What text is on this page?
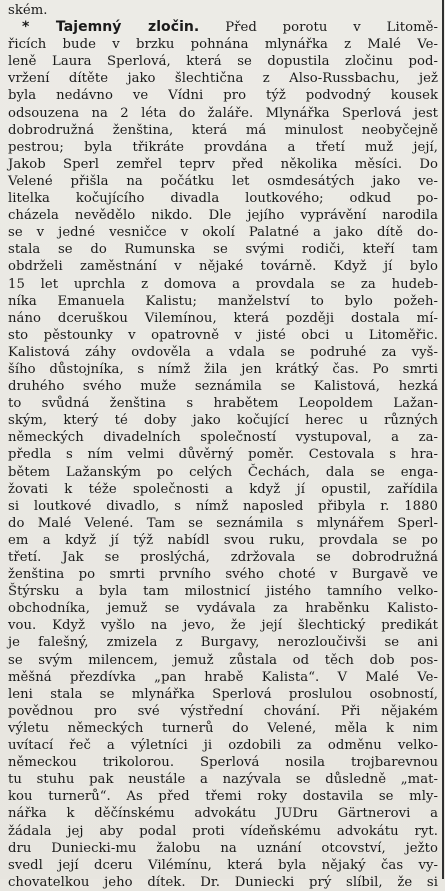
ském.
* Tajemný zločin. Před porotu v Litomě-
řicích bude v brzku pohnána mlynářka z Malé Ve-
leně Laura Sperlová, která se dopustila zločinu pod-
vržení dítěte jako šlechtična z Also-Russbachu, jež
byla nedávno ve Vídni pro týž podvodný kousek
odsouzena na 2 léta do žaláře. Mlynářka Sperlová jest
dobrodružná ženština, která má minulost neobyčejně
pestrou; byla třikráte provdána a třetí muž její,
Jakob Sperl zemřel teprv před několika měsíci. Do
Velené přišla na počátku let osmdesátých jako ve-
litelka kočujícího divadla loutkového; odkud po-
cházela nevědělo nikdo. Dle jejího vyprávění narodila
se v jedné vesničce v okolí Palatné a jako dítě do-
stala se do Rumunska se svými rodiči, kteří tam
obdrželi zaměstnání v nějaké továrně. Když jí bylo
15 let uprchla z domova a provdala se za hudeb-
níka Emanuela Kalistu; manželství to bylo požeh-
náno dceruškou Vilemínou, která později dostala mí-
sto pěstounky v opatrovně v jisté obci u Litoměřic.
Kalistová záhy ovdověla a vdala se podruhé za vyš-
šího důstojníka, s nímž žila jen krátký čas. Po smrti
druhého svého muže seznámila se Kalistová, hezká
to svůdná ženština s hrabětem Leopoldem Lažan-
ským, který té doby jako kočující herec u různých
německých divadelních společností vystupoval, a za-
předla s ním velmi důvěrný poměr. Cestovala s hra-
bětem Lažanským po celých Čechách, dala se enga-
žovati k téže společnosti a když jí opustil, zařídila
si loutkové divadlo, s nímž naposled přibyla r. 1880
do Malé Velené. Tam se seznámila s mlynářem Sperl-
em a když jí týž nabídl svou ruku, provdala se po
třetí. Jak se proslýchá, zdržovala se dobrodružná
ženština po smrti prvního svého choté v Burgavě ve
Štýrsku a byla tam milostnicí jistého tamního velko-
obchodníka, jemuž se vydávala za hraběnku Kalisto-
vou. Když vyšlo na jevo, že její šlechtický predikát
je falešný, zmizela z Burgavy, nerozloučivši se ani
se svým milencem, jemuž zůstala od těch dob pos-
měšná přezdívka „pan hrabě Kalista“. V Malé Ve-
leni stala se mlynářka Sperlová proslulou osobností,
povědnou pro své výstřední chování. Při nějakém
výletu německých turnerů do Velené, měla k nim
uvítací řeč a výletníci ji ozdobili za odměnu velko-
německou trikolorou. Sperlová nosila trojbarevnou
tu stuhu pak neustále a nazývala se důsledně „mat-
kou turnerů“. As před třemi roky dostavila se mly-
nářka k děčínskému advokátu JUDru Gärtnerovi a
žádala jej aby podal proti vídeňskému advokátu ryt.
dru Duniecki-mu žalobu na uznání otcovství, ježto
svedl její dceru Vilémínu, která byla nějaký čas vy-
chovatelkou jeho dítek. Dr. Duniecki prý slíbil, že si
